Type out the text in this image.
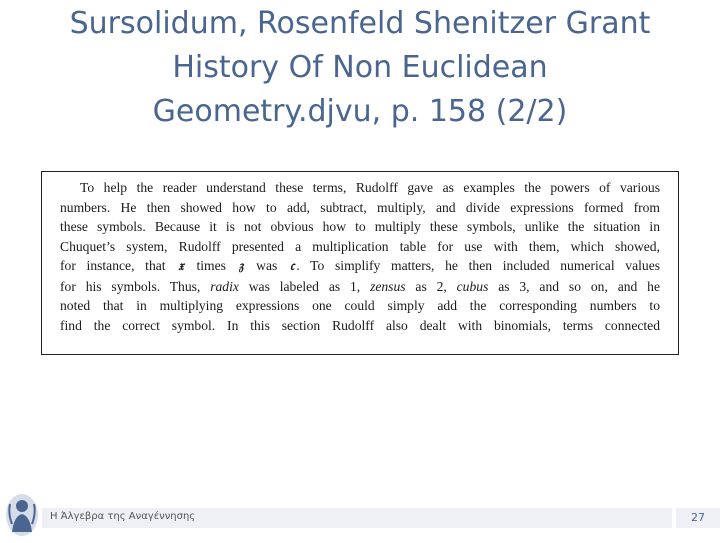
Sursolidum, Rosenfeld Shenitzer Grant
History Of Non Euclidean
Geometry.djvu, p. 158 (2/2)
To help the reader understand these terms, Rudolff gave as examples the powers of various
numbers. He then showed how to add, subtract, multiply, and divide expressions formed from
these symbols. Because it is not obvious how to multiply these symbols, unlike the situation in
Chuquet’s system, Rudolff presented a multiplication table for use with them, which showed,
for instance, that 𝔵 times 𝔷 was 𝔠 . To simplify matters, he then included numerical values
for his symbols. Thus, radix was labeled as 1, zensus as 2, cubus as 3, and so on, and he
noted that in multiplying expressions one could simply add the corresponding numbers to
find the correct symbol. In this section Rudolff also dealt with binomials, terms connected
Η Άλγεβρα της Αναγέννησης	27
